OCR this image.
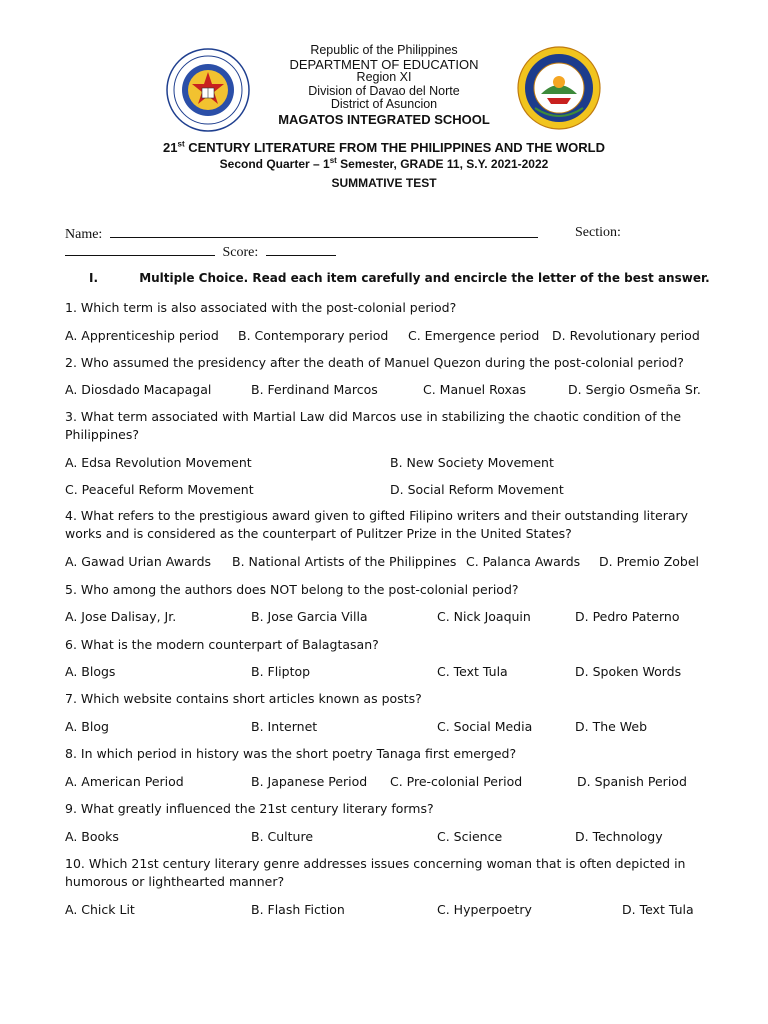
Republic of the Philippines
DEPARTMENT OF EDUCATION
Region XI
Division of Davao del Norte
District of Asuncion
MAGATOS INTEGRATED SCHOOL
21st CENTURY LITERATURE FROM THE PHILIPPINES AND THE WORLD
Second Quarter – 1st Semester, GRADE 11, S.Y. 2021-2022
SUMMATIVE TEST
Name:	Section:
Score:
I.	Multiple Choice. Read each item carefully and encircle the letter of the best answer.
1. Which term is also associated with the post-colonial period?
A. Apprenticeship period B. Contemporary period C. Emergence period D. Revolutionary period
2. Who assumed the presidency after the death of Manuel Quezon during the post-colonial period?
A. Diosdado Macapagal	B. Ferdinand Marcos	C. Manuel Roxas	D. Sergio Osmeña Sr.
3. What term associated with Martial Law did Marcos use in stabilizing the chaotic condition of the Philippines?
A. Edsa Revolution Movement	B. New Society Movement
C. Peaceful Reform Movement	D. Social Reform Movement
4. What refers to the prestigious award given to gifted Filipino writers and their outstanding literary works and is considered as the counterpart of Pulitzer Prize in the United States?
A. Gawad Urian Awards B. National Artists of the Philippines C. Palanca Awards D. Premio Zobel
5. Who among the authors does NOT belong to the post-colonial period?
A. Jose Dalisay, Jr.	B. Jose Garcia Villa	C. Nick Joaquin	D. Pedro Paterno
6. What is the modern counterpart of Balagtasan?
A. Blogs	B. Fliptop	C. Text Tula	D. Spoken Words
7. Which website contains short articles known as posts?
A. Blog	B. Internet	C. Social Media	D. The Web
8. In which period in history was the short poetry Tanaga first emerged?
A. American Period	B. Japanese Period C. Pre-colonial Period	D. Spanish Period
9. What greatly influenced the 21st century literary forms?
A. Books	B. Culture	C. Science	D. Technology
10. Which 21st century literary genre addresses issues concerning woman that is often depicted in humorous or lighthearted manner?
A. Chick Lit	B. Flash Fiction	C. Hyperpoetry	D. Text Tula
